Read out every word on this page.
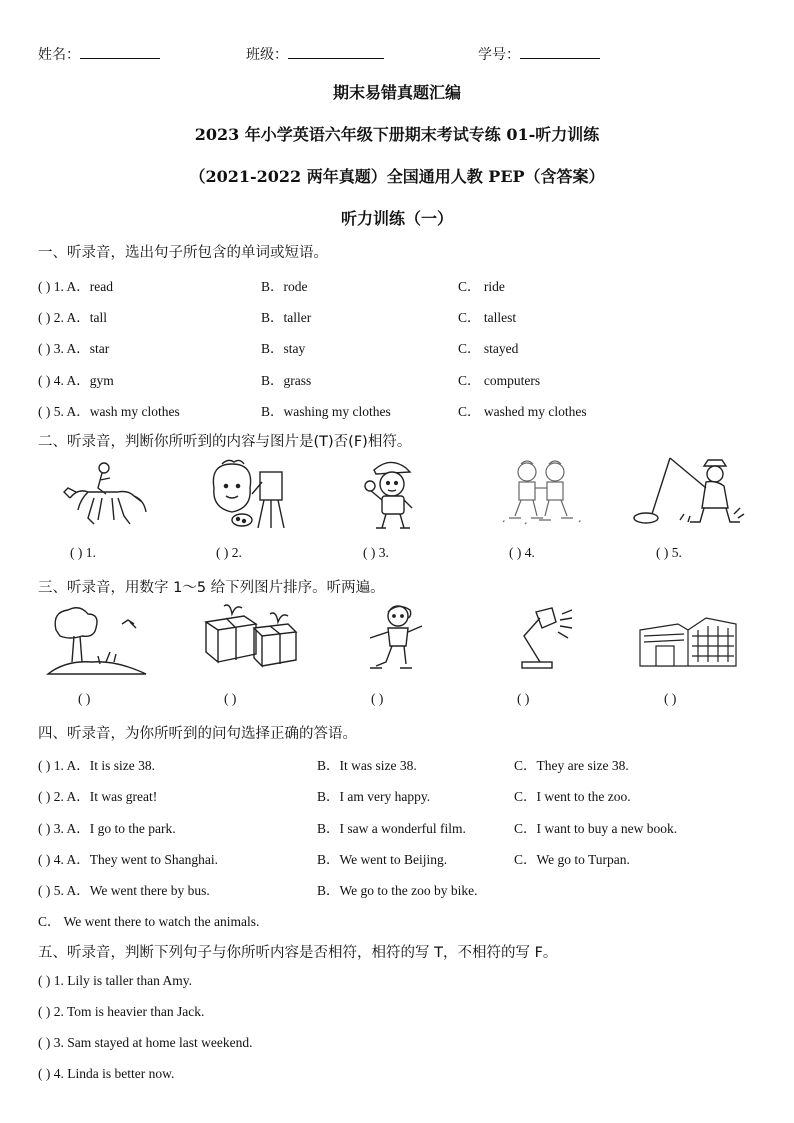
姓名：	班级：	学号：
期末易错真题汇编
2023 年小学英语六年级下册期末考试专练 01-听力训练
（2021-2022 两年真题）全国通用人教 PEP（含答案）
听力训练（一）
一、听录音，选出句子所包含的单词或短语。
( ) 1. A．read	B．rode	C． ride
( ) 2. A．tall	B．taller	C． tallest
( ) 3. A．star	B．stay	C． stayed
( ) 4. A．gym	B．grass	C． computers
( ) 5. A．wash my clothes	B．washing my clothes	C． washed my clothes
二、听录音，判断你所听到的内容与图片是(T)否(F)相符。
( ) 1.	( ) 2.	( ) 3.	( ) 4.	( ) 5.
三、听录音，用数字 1～5 给下列图片排序。听两遍。
( )	( )	( )	( )	( )
四、听录音，为你所听到的问句选择正确的答语。
( ) 1. A．It is size 38.	B．It was size 38.	C．They are size 38.
( ) 2. A．It was great!	B．I am very happy.	C．I went to the zoo.
( ) 3. A．I go to the park.	B．I saw a wonderful film.	C．I want to buy a new book.
( ) 4. A．They went to Shanghai.	B．We went to Beijing.	C．We go to Turpan.
( ) 5. A．We went there by bus.	B．We go to the zoo by bike.
C． We went there to watch the animals.
五、听录音，判断下列句子与你所听内容是否相符，相符的写 T，不相符的写 F。
( ) 1. Lily is taller than Amy.
( ) 2. Tom is heavier than Jack.
( ) 3. Sam stayed at home last weekend.
( ) 4. Linda is better now.
